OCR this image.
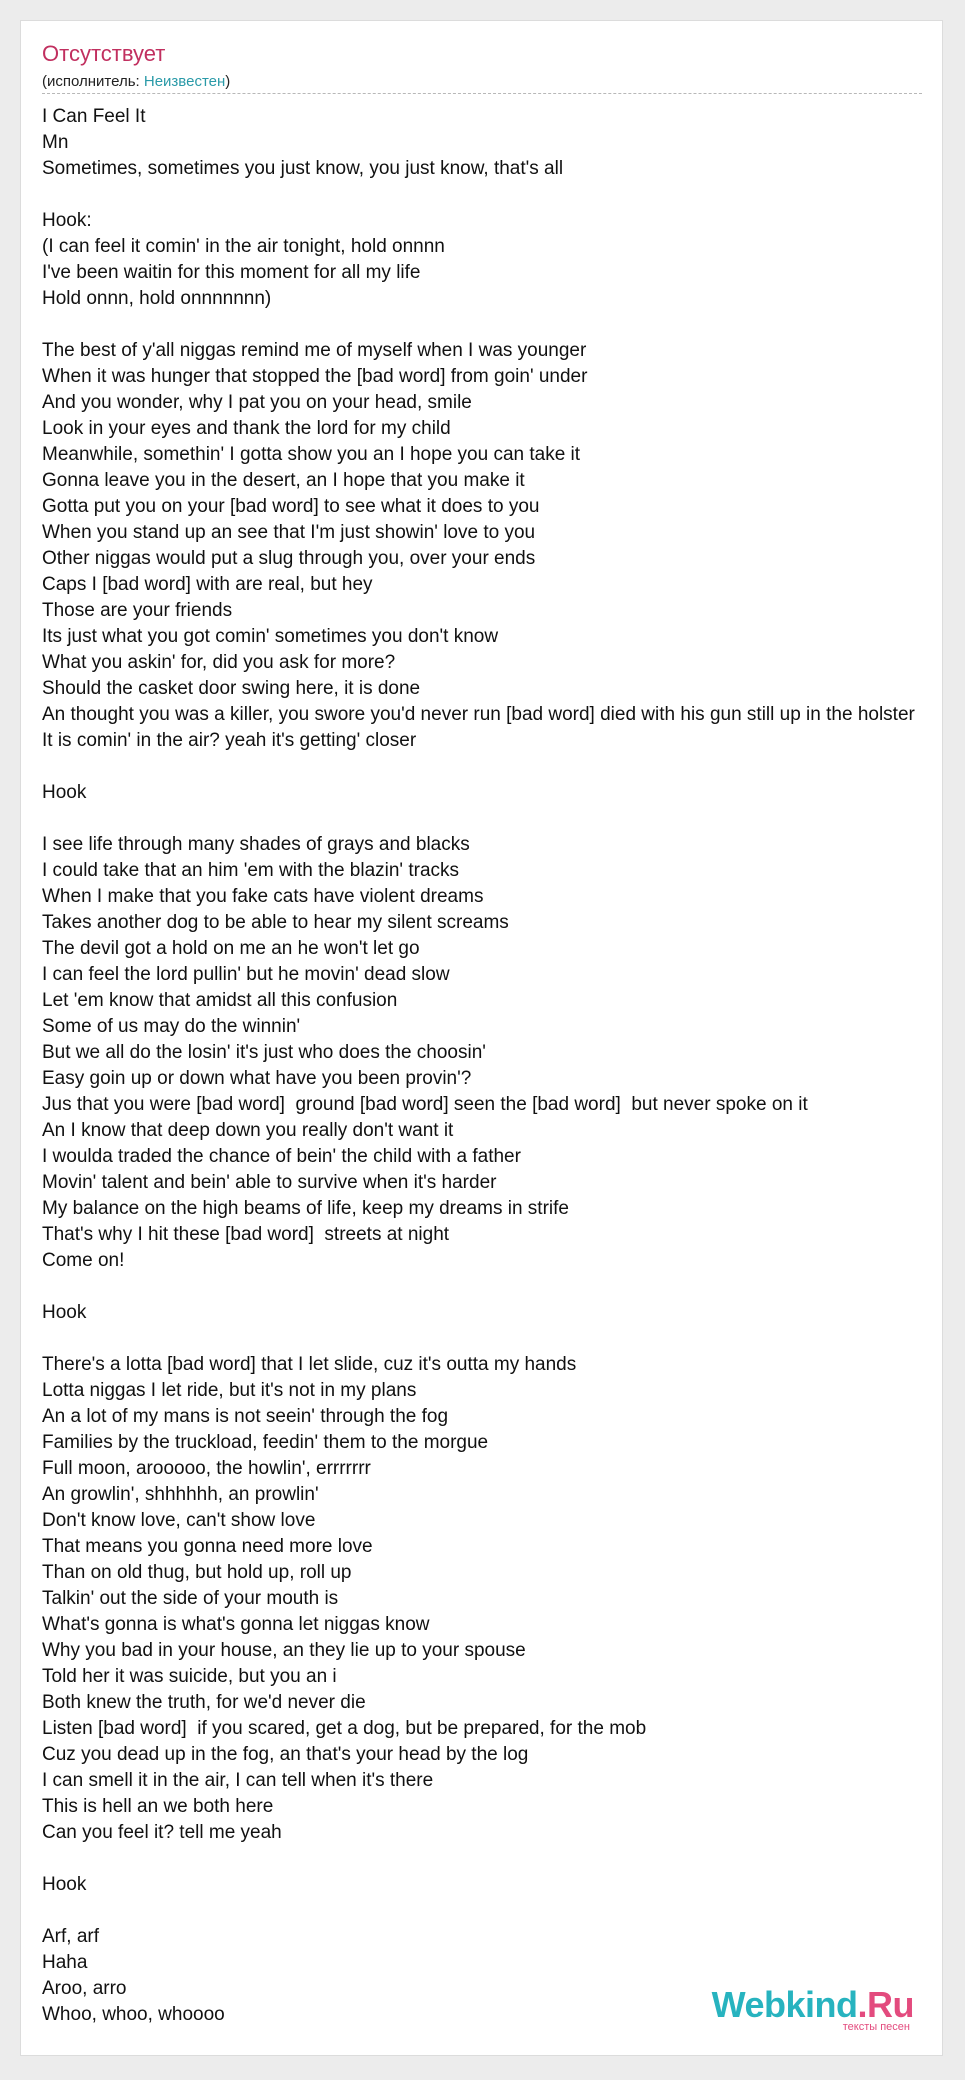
Отсутствует
(исполнитель: Неизвестен)
I Can Feel It
Mn
Sometimes, sometimes you just know, you just know, that's all
Hook:
(I can feel it comin' in the air tonight, hold onnnn
I've been waitin for this moment for all my life
Hold onnn, hold onnnnnnn)
The best of y'all niggas remind me of myself when I was younger
When it was hunger that stopped the [bad word] from goin' under
And you wonder, why I pat you on your head, smile
Look in your eyes and thank the lord for my child
Meanwhile, somethin' I gotta show you an I hope you can take it
Gonna leave you in the desert, an I hope that you make it
Gotta put you on your [bad word] to see what it does to you
When you stand up an see that I'm just showin' love to you
Other niggas would put a slug through you, over your ends
Caps I [bad word] with are real, but hey
Those are your friends
Its just what you got comin' sometimes you don't know
What you askin' for, did you ask for more?
Should the casket door swing here, it is done
An thought you was a killer, you swore you'd never run [bad word] died with his gun still up in the holster
It is comin' in the air? yeah it's getting' closer
Hook
I see life through many shades of grays and blacks
I could take that an him 'em with the blazin' tracks
When I make that you fake cats have violent dreams
Takes another dog to be able to hear my silent screams
The devil got a hold on me an he won't let go
I can feel the lord pullin' but he movin' dead slow
Let 'em know that amidst all this confusion
Some of us may do the winnin'
But we all do the losin' it's just who does the choosin'
Easy goin up or down what have you been provin'?
Jus that you were [bad word]  ground [bad word] seen the [bad word]  but never spoke on it
An I know that deep down you really don't want it
I woulda traded the chance of bein' the child with a father
Movin' talent and bein' able to survive when it's harder
My balance on the high beams of life, keep my dreams in strife
That's why I hit these [bad word]  streets at night
Come on!
Hook
There's a lotta [bad word] that I let slide, cuz it's outta my hands
Lotta niggas I let ride, but it's not in my plans
An a lot of my mans is not seein' through the fog
Families by the truckload, feedin' them to the morgue
Full moon, arooooo, the howlin', errrrrrr
An growlin', shhhhhh, an prowlin'
Don't know love, can't show love
That means you gonna need more love
Than on old thug, but hold up, roll up
Talkin' out the side of your mouth is
What's gonna is what's gonna let niggas know
Why you bad in your house, an they lie up to your spouse
Told her it was suicide, but you an i
Both knew the truth, for we'd never die
Listen [bad word]  if you scared, get a dog, but be prepared, for the mob
Cuz you dead up in the fog, an that's your head by the log
I can smell it in the air, I can tell when it's there
This is hell an we both here
Can you feel it? tell me yeah
Hook
Arf, arf
Haha
Aroo, arro
Whoo, whoo, whoooo	Webkind.Ru
тексты песен
